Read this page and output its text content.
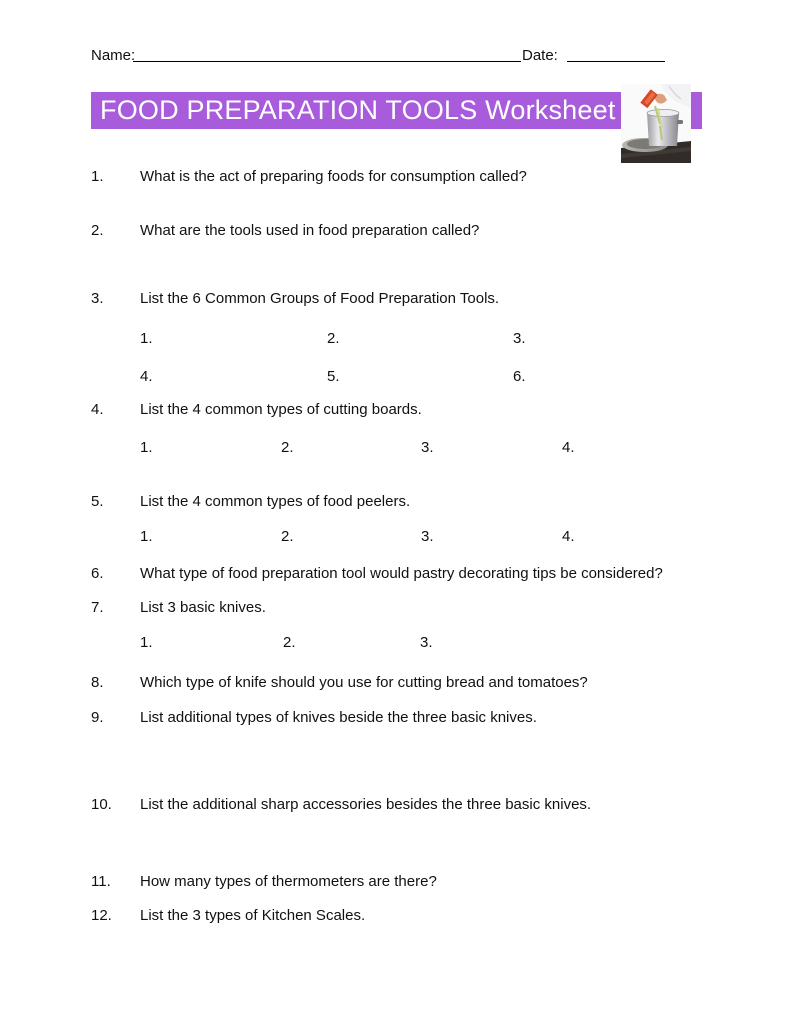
Name:	Date:
FOOD PREPARATION TOOLS Worksheet
1. What is the act of preparing foods for consumption called?
2. What are the tools used in food preparation called?
3. List the 6 Common Groups of Food Preparation Tools.
1.	2.	3.
4.	5.	6.
4. List the 4 common types of cutting boards.
1.	2.	3.	4.
5. List the 4 common types of food peelers.
1.	2.	3.	4.
6. What type of food preparation tool would pastry decorating tips be considered?
7. List 3 basic knives.
1.	2.	3.
8. Which type of knife should you use for cutting bread and tomatoes?
9. List additional types of knives beside the three basic knives.
10. List the additional sharp accessories besides the three basic knives.
11. How many types of thermometers are there?
12. List the 3 types of Kitchen Scales.
